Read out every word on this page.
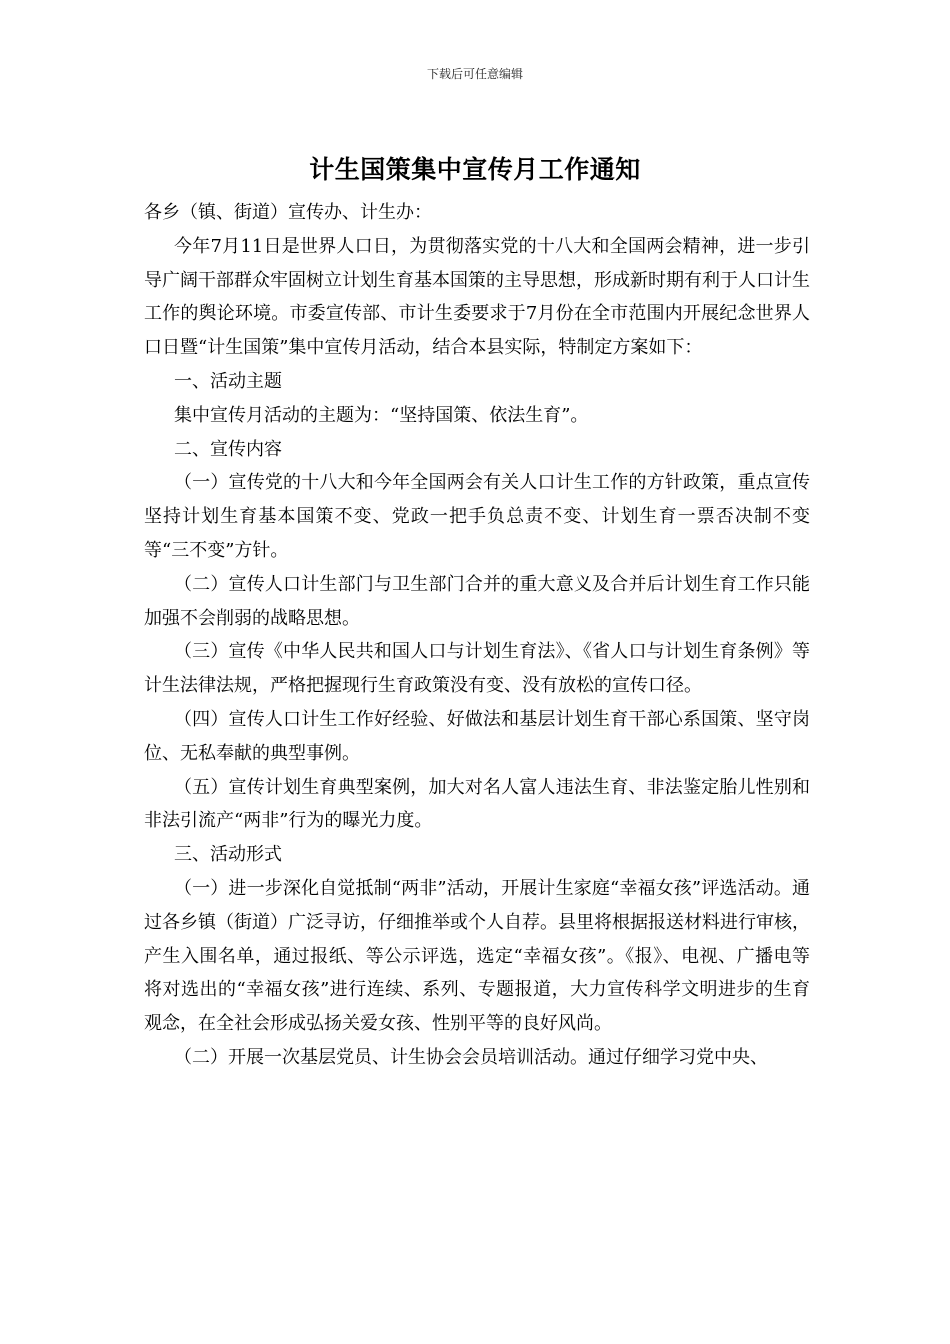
下载后可任意编辑
计生国策集中宣传月工作通知

各乡（镇、街道）宣传办、计生办：

今年7月11日是世界人口日，为贯彻落实党的十八大和全国两会精神，进一步引导广阔干部群众牢固树立计划生育基本国策的主导思想，形成新时期有利于人口计生工作的舆论环境。市委宣传部、市计生委要求于7月份在全市范围内开展纪念世界人口日暨“计生国策”集中宣传月活动，结合本县实际，特制定方案如下：

一、活动主题

集中宣传月活动的主题为：“坚持国策、依法生育”。

二、宣传内容

（一）宣传党的十八大和今年全国两会有关人口计生工作的方针政策，重点宣传坚持计划生育基本国策不变、党政一把手负总责不变、计划生育一票否决制不变等“三不变”方针。

（二）宣传人口计生部门与卫生部门合并的重大意义及合并后计划生育工作只能加强不会削弱的战略思想。

（三）宣传《中华人民共和国人口与计划生育法》、《省人口与计划生育条例》等计生法律法规，严格把握现行生育政策没有变、没有放松的宣传口径。

（四）宣传人口计生工作好经验、好做法和基层计划生育干部心系国策、坚守岗位、无私奉献的典型事例。

（五）宣传计划生育典型案例，加大对名人富人违法生育、非法鉴定胎儿性别和非法引流产“两非”行为的曝光力度。

三、活动形式

（一）进一步深化自觉抵制“两非”活动，开展计生家庭“幸福女孩”评选活动。通过各乡镇（街道）广泛寻访，仔细推举或个人自荐。县里将根据报送材料进行审核，产生入围名单，通过报纸、等公示评选，选定“幸福女孩”。《报》、电视、广播电等将对选出的“幸福女孩”进行连续、系列、专题报道，大力宣传科学文明进步的生育观念，在全社会形成弘扬关爱女孩、性别平等的良好风尚。

（二）开展一次基层党员、计生协会会员培训活动。通过仔细学习党中央、
